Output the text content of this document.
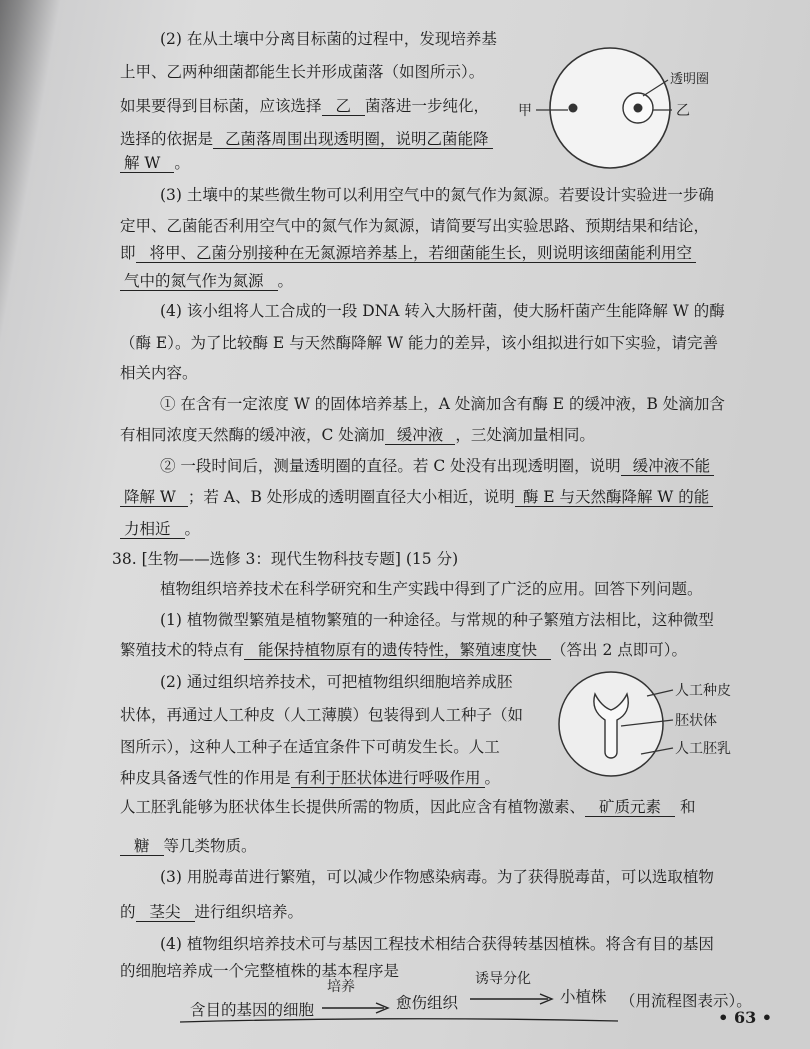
(2) 在从土壤中分离目标菌的过程中，发现培养基
上甲、乙两种细菌都能生长并形成菌落（如图所示）。
如果要得到目标菌，应该选择 乙 菌落进一步纯化，
选择的依据是 乙菌落周围出现透明圈，说明乙菌能降
解 W 。
透明圈
甲	乙
(3) 土壤中的某些微生物可以利用空气中的氮气作为氮源。若要设计实验进一步确
定甲、乙菌能否利用空气中的氮气作为氮源，请简要写出实验思路、预期结果和结论，
即 将甲、乙菌分别接种在无氮源培养基上，若细菌能生长，则说明该细菌能利用空
气中的氮气作为氮源 。
(4) 该小组将人工合成的一段 DNA 转入大肠杆菌，使大肠杆菌产生能降解 W 的酶
（酶 E）。为了比较酶 E 与天然酶降解 W 能力的差异，该小组拟进行如下实验，请完善
相关内容。
① 在含有一定浓度 W 的固体培养基上，A 处滴加含有酶 E 的缓冲液，B 处滴加含
有相同浓度天然酶的缓冲液，C 处滴加 缓冲液 ，三处滴加量相同。
② 一段时间后，测量透明圈的直径。若 C 处没有出现透明圈，说明 缓冲液不能
降解 W ；若 A、B 处形成的透明圈直径大小相近，说明 酶 E 与天然酶降解 W 的能
力相近 。
38. [生物——选修 3：现代生物科技专题] (15 分)
植物组织培养技术在科学研究和生产实践中得到了广泛的应用。回答下列问题。
(1) 植物微型繁殖是植物繁殖的一种途径。与常规的种子繁殖方法相比，这种微型
繁殖技术的特点有 能保持植物原有的遗传特性，繁殖速度快 （答出 2 点即可）。
(2) 通过组织培养技术，可把植物组织细胞培养成胚
状体，再通过人工种皮（人工薄膜）包装得到人工种子（如
图所示），这种人工种子在适宜条件下可萌发生长。人工
种皮具备透气性的作用是 有利于胚状体进行呼吸作用 。
人工胚乳能够为胚状体生长提供所需的物质，因此应含有植物激素、 矿质元素 和
糖 等几类物质。
人工种皮
胚状体
人工胚乳
(3) 用脱毒苗进行繁殖，可以减少作物感染病毒。为了获得脱毒苗，可以选取植物
的 茎尖 进行组织培养。
(4) 植物组织培养技术可与基因工程技术相结合获得转基因植株。将含有目的基因
的细胞培养成一个完整植株的基本程序是
含目的基因的细胞
培养
愈伤组织
诱导分化
小植株 （用流程图表示）。
• 63 •
